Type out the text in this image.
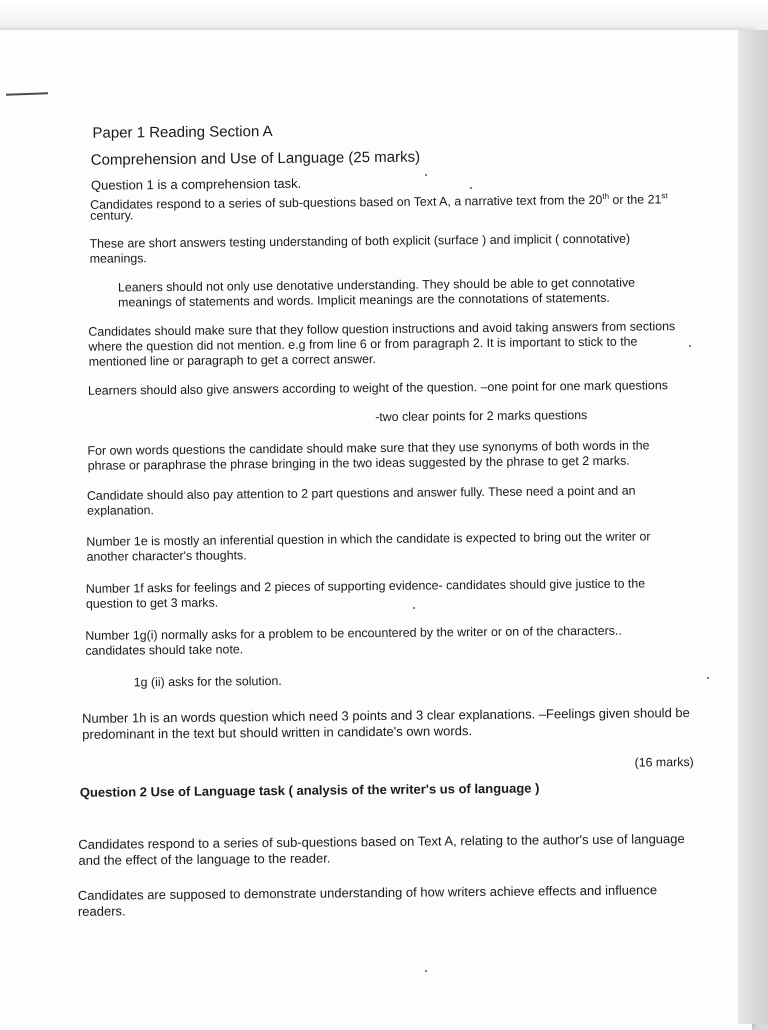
Paper 1 Reading Section A

Comprehension and Use of Language (25 marks)

Question 1 is a comprehension task.

Candidates respond to a series of sub-questions based on Text A, a narrative text from the 20th or the 21st

century.

These are short answers testing understanding of both explicit (surface ) and implicit ( connotative)

meanings.

Leaners should not only use denotative understanding. They should be able to get connotative

meanings of statements and words. Implicit meanings are the connotations of statements.

Candidates should make sure that they follow question instructions and avoid taking answers from sections

where the question did not mention. e.g from line 6 or from paragraph 2. It is important to stick to the

mentioned line or paragraph to get a correct answer.

Learners should also give answers according to weight of the question. –one point for one mark questions

-two clear points for 2 marks questions

For own words questions the candidate should make sure that they use synonyms of both words in the

phrase or paraphrase the phrase bringing in the two ideas suggested by the phrase to get 2 marks.

Candidate should also pay attention to 2 part questions and answer fully. These need a point and an

explanation.

Number 1e is mostly an inferential question in which the candidate is expected to bring out the writer or

another character's thoughts.

Number 1f asks for feelings and 2 pieces of supporting evidence- candidates should give justice to the

question to get 3 marks.

Number 1g(i) normally asks for a problem to be encountered by the writer or on of the characters..

candidates should take note.

1g (ii) asks for the solution.

Number 1h is an words question which need 3 points and 3 clear explanations. –Feelings given should be

predominant in the text but should written in candidate's own words.

(16 marks)

Question 2 Use of Language task ( analysis of the writer's us of language )

Candidates respond to a series of sub-questions based on Text A, relating to the author's use of language

and the effect of the language to the reader.

Candidates are supposed to demonstrate understanding of how writers achieve effects and influence

readers.
